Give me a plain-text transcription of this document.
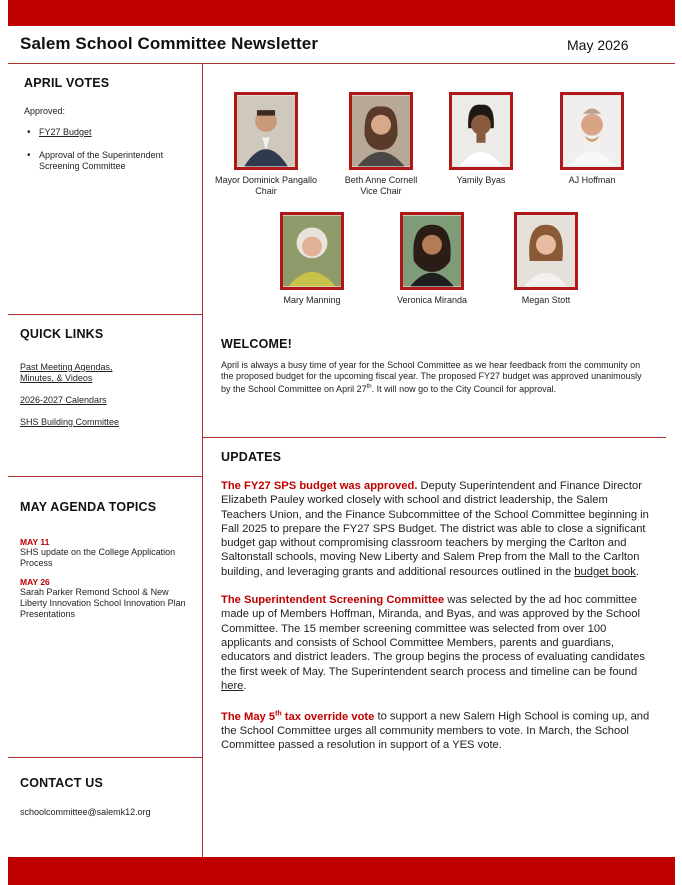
Salem School Committee Newsletter	May 2026
APRIL VOTES
Approved:
• FY27 Budget
• Approval of the Superintendent Screening Committee
QUICK LINKS
Past Meeting Agendas, Minutes, & Videos
2026-2027 Calendars
SHS Building Committee
MAY AGENDA TOPICS
MAY 11
SHS update on the College Application Process
MAY 26
Sarah Parker Remond School & New Liberty Innovation School Innovation Plan Presentations
CONTACT US
schoolcommittee@salemk12.org
Mayor Dominick Pangallo
Chair
Beth Anne Cornell
Vice Chair
Yamily Byas	AJ Hoffman
Mary Manning	Veronica Miranda	Megan Stott
WELCOME!
April is always a busy time of year for the School Committee as we hear feedback from the community on the proposed budget for the upcoming fiscal year. The proposed FY27 budget was approved unanimously by the School Committee on April 27th. It will now go to the City Council for approval.
UPDATES

The FY27 SPS budget was approved. Deputy Superintendent and Finance Director Elizabeth Pauley worked closely with school and district leadership, the Salem Teachers Union, and the Finance Subcommittee of the School Committee beginning in Fall 2025 to prepare the FY27 SPS Budget. The district was able to close a significant budget gap without compromising classroom teachers by merging the Carlton and Saltonstall schools, moving New Liberty and Salem Prep from the Mall to the Carlton building, and leveraging grants and additional resources outlined in the budget book.

The Superintendent Screening Committee was selected by the ad hoc committee made up of Members Hoffman, Miranda, and Byas, and was approved by the School Committee. The 15 member screening committee was selected from over 100 applicants and consists of School Committee Members, parents and guardians, educators and district leaders. The group begins the process of evaluating candidates the first week of May. The Superintendent search process and timeline can be found here.

The May 5th tax override vote to support a new Salem High School is coming up, and the School Committee urges all community members to vote. In March, the School Committee passed a resolution in support of a YES vote.
